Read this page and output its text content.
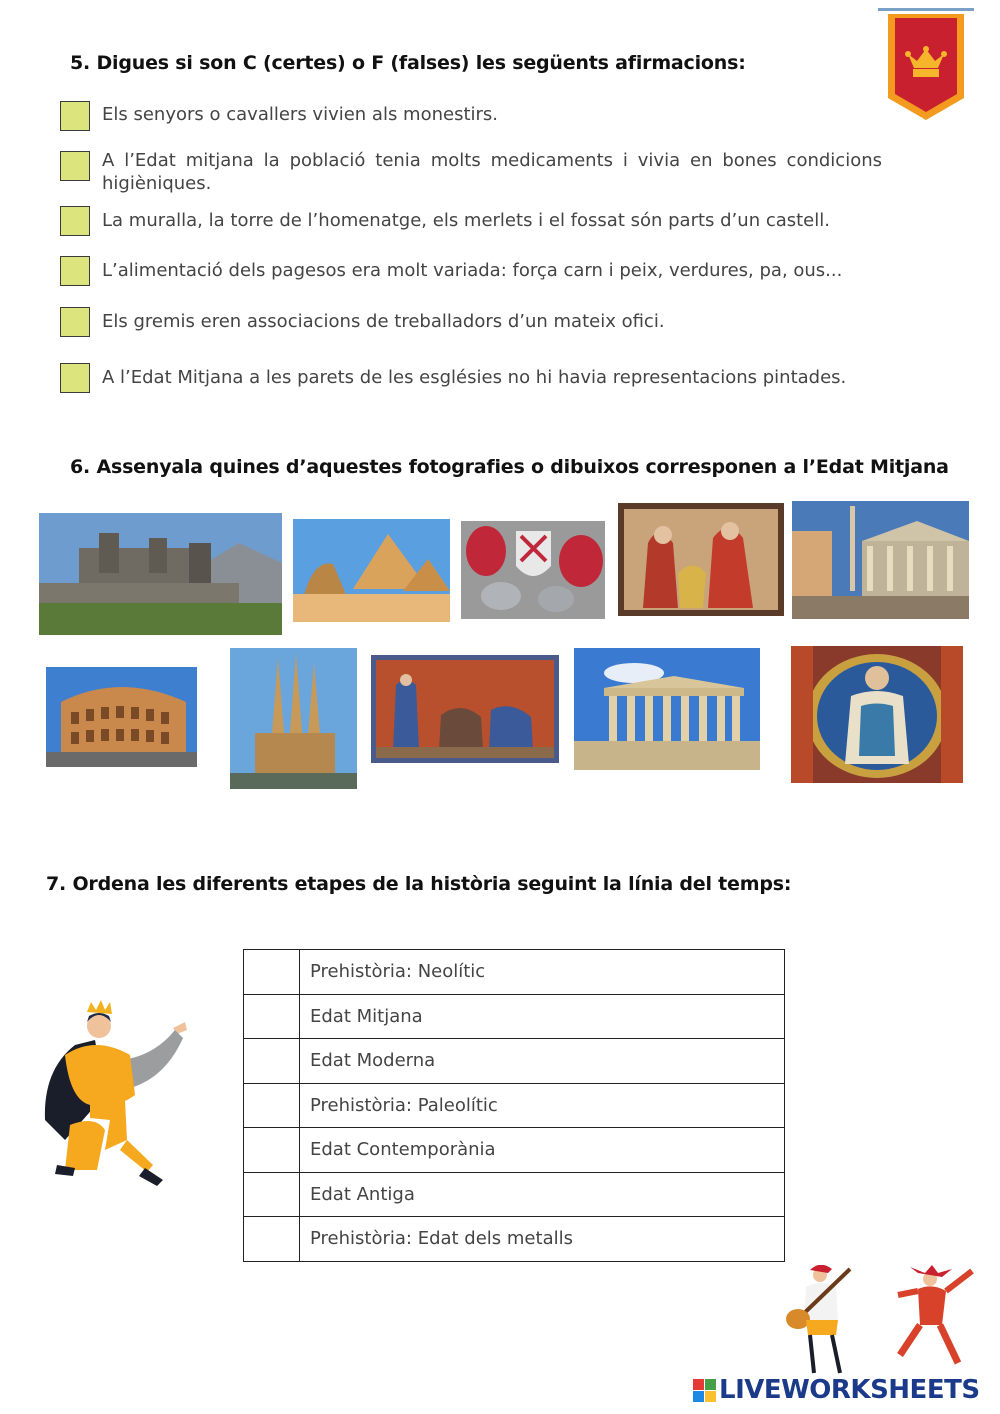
5. Digues si son C (certes) o F (falses) les següents afirmacions:
Els senyors o cavallers vivien als monestirs.
A l’Edat mitjana la població tenia molts medicaments i vivia en bones condicions higièniques.
La muralla, la torre de l’homenatge, els merlets i el fossat són parts d’un castell.
L’alimentació dels pagesos era molt variada: força carn i peix, verdures, pa, ous...
Els gremis eren associacions de treballadors d’un mateix ofici.
A l’Edat Mitjana a les parets de les esglésies no hi havia representacions pintades.
6. Assenyala quines d’aquestes fotografies o dibuixos corresponen a l’Edat Mitjana
7. Ordena les diferents etapes de la història seguint la línia del temps:
	Prehistòria: Neolític
	Edat Mitjana
	Edat Moderna
	Prehistòria: Paleolític
	Edat Contemporània
	Edat Antiga
	Prehistòria: Edat dels metalls
LIVEWORKSHEETS
